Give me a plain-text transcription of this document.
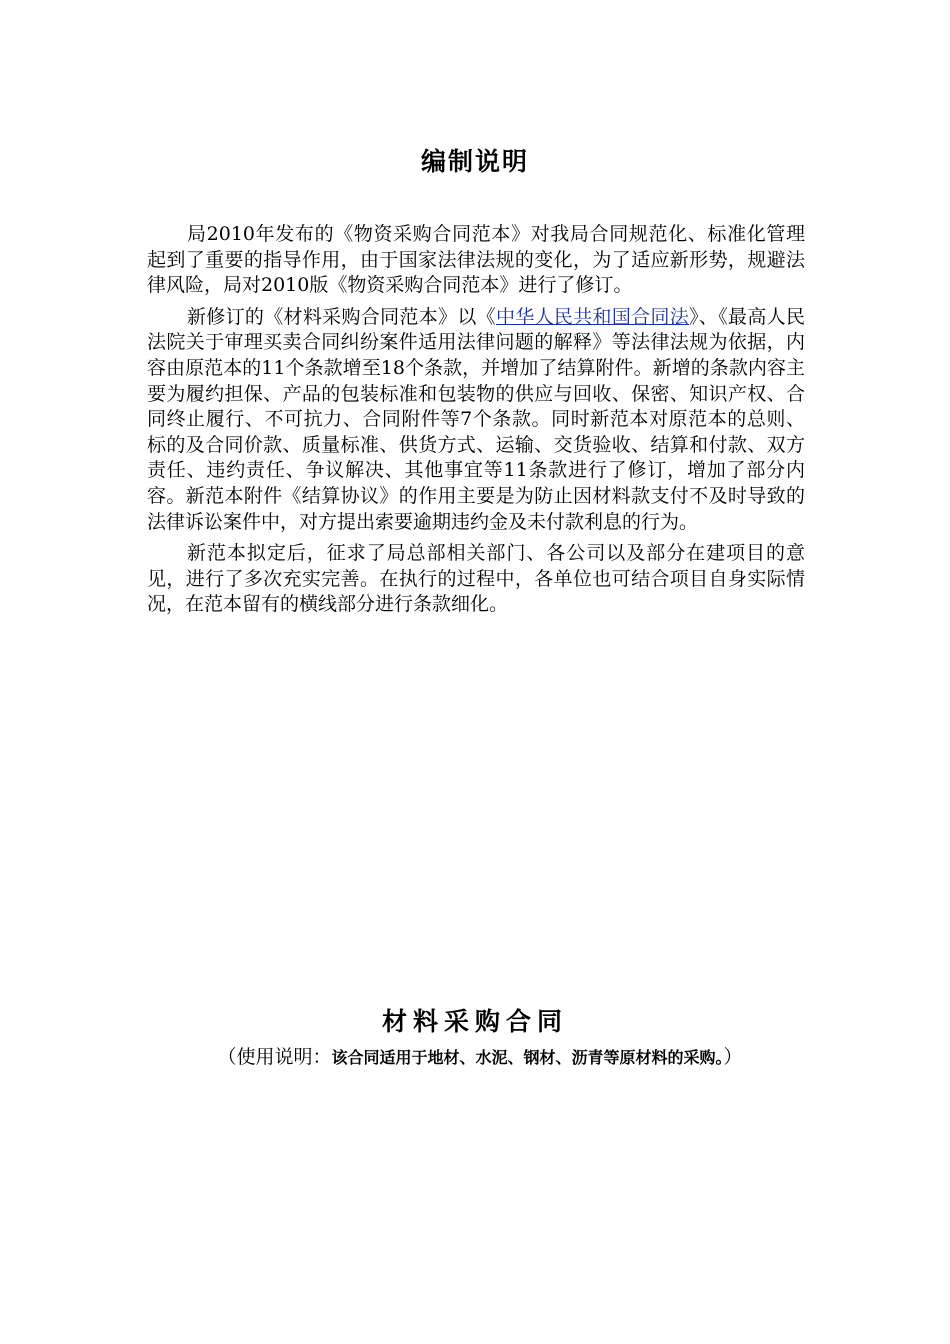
编制说明

局2010年发布的《物资采购合同范本》对我局合同规范化、标准化管理起到了重要的指导作用，由于国家法律法规的变化，为了适应新形势，规避法律风险，局对2010版《物资采购合同范本》进行了修订。

新修订的《材料采购合同范本》以《中华人民共和国合同法》、《最高人民法院关于审理买卖合同纠纷案件适用法律问题的解释》等法律法规为依据，内容由原范本的11个条款增至18个条款，并增加了结算附件。新增的条款内容主要为履约担保、产品的包装标准和包装物的供应与回收、保密、知识产权、合同终止履行、不可抗力、合同附件等7个条款。同时新范本对原范本的总则、标的及合同价款、质量标准、供货方式、运输、交货验收、结算和付款、双方责任、违约责任、争议解决、其他事宜等11条款进行了修订，增加了部分内容。新范本附件《结算协议》的作用主要是为防止因材料款支付不及时导致的法律诉讼案件中，对方提出索要逾期违约金及未付款利息的行为。

新范本拟定后，征求了局总部相关部门、各公司以及部分在建项目的意见，进行了多次充实完善。在执行的过程中，各单位也可结合项目自身实际情况，在范本留有的横线部分进行条款细化。

材料采购合同
（使用说明：该合同适用于地材、水泥、钢材、沥青等原材料的采购。）
